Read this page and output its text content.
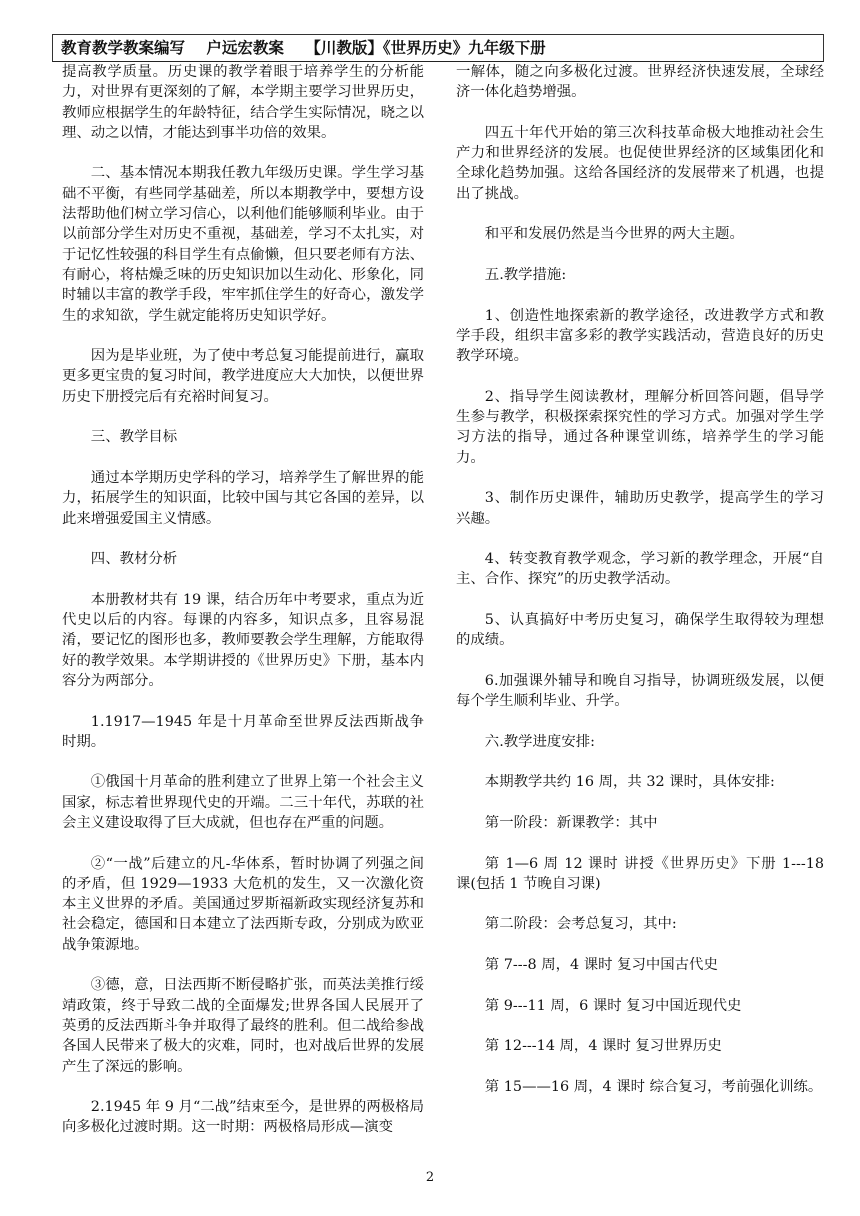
教育教学教案编写 户远宏教案 【川教版】《世界历史》九年级下册

提高教学质量。历史课的教学着眼于培养学生的分析能力，对世界有更深刻的了解，本学期主要学习世界历史，教师应根据学生的年龄特征，结合学生实际情况，晓之以理、动之以情，才能达到事半功倍的效果。

二、基本情况本期我任教九年级历史课。学生学习基础不平衡，有些同学基础差，所以本期教学中，要想方设法帮助他们树立学习信心，以利他们能够顺利毕业。由于以前部分学生对历史不重视，基础差，学习不太扎实，对于记忆性较强的科目学生有点偷懒，但只要老师有方法、有耐心，将枯燥乏味的历史知识加以生动化、形象化，同时辅以丰富的教学手段，牢牢抓住学生的好奇心，激发学生的求知欲，学生就定能将历史知识学好。

因为是毕业班，为了使中考总复习能提前进行，赢取更多更宝贵的复习时间，教学进度应大大加快，以便世界历史下册授完后有充裕时间复习。

三、教学目标

通过本学期历史学科的学习，培养学生了解世界的能力，拓展学生的知识面，比较中国与其它各国的差异，以此来增强爱国主义情感。

四、教材分析

本册教材共有 19 课，结合历年中考要求，重点为近代史以后的内容。每课的内容多，知识点多，且容易混淆，要记忆的图形也多，教师要教会学生理解，方能取得好的教学效果。本学期讲授的《世界历史》下册，基本内容分为两部分。

1.1917—1945 年是十月革命至世界反法西斯战争时期。

①俄国十月革命的胜利建立了世界上第一个社会主义国家，标志着世界现代史的开端。二三十年代，苏联的社会主义建设取得了巨大成就，但也存在严重的问题。

②“一战”后建立的凡-华体系，暂时协调了列强之间的矛盾，但 1929—1933 大危机的发生，又一次激化资本主义世界的矛盾。美国通过罗斯福新政实现经济复苏和社会稳定，德国和日本建立了法西斯专政，分别成为欧亚战争策源地。

③德，意，日法西斯不断侵略扩张，而英法美推行绥靖政策，终于导致二战的全面爆发;世界各国人民展开了英勇的反法西斯斗争并取得了最终的胜利。但二战给参战各国人民带来了极大的灾难，同时，也对战后世界的发展产生了深远的影响。

2.1945 年 9 月“二战”结束至今，是世界的两极格局向多极化过渡时期。这一时期：两极格局形成—演变

一解体，随之向多极化过渡。世界经济快速发展，全球经济一体化趋势增强。

四五十年代开始的第三次科技革命极大地推动社会生产力和世界经济的发展。也促使世界经济的区域集团化和全球化趋势加强。这给各国经济的发展带来了机遇，也提出了挑战。

和平和发展仍然是当今世界的两大主题。

五.教学措施:

1、创造性地探索新的教学途径，改进教学方式和教学手段，组织丰富多彩的教学实践活动，营造良好的历史教学环境。

2、指导学生阅读教材，理解分析回答问题，倡导学生参与教学，积极探索探究性的学习方式。加强对学生学习方法的指导，通过各种课堂训练，培养学生的学习能力。

3、制作历史课件，辅助历史教学，提高学生的学习兴趣。

4、转变教育教学观念，学习新的教学理念，开展“自主、合作、探究”的历史教学活动。

5、认真搞好中考历史复习，确保学生取得较为理想的成绩。

6.加强课外辅导和晚自习指导，协调班级发展，以便每个学生顺利毕业、升学。

六.教学进度安排:

本期教学共约 16 周，共 32 课时，具体安排:

第一阶段：新课教学：其中

第 1—6 周 12 课时 讲授《世界历史》下册 1---18 课(包括 1 节晚自习课)

第二阶段：会考总复习，其中:

第 7---8 周，4 课时 复习中国古代史

第 9---11 周，6 课时 复习中国近现代史

第 12---14 周，4 课时 复习世界历史

第 15——16 周，4 课时 综合复习，考前强化训练。

2
